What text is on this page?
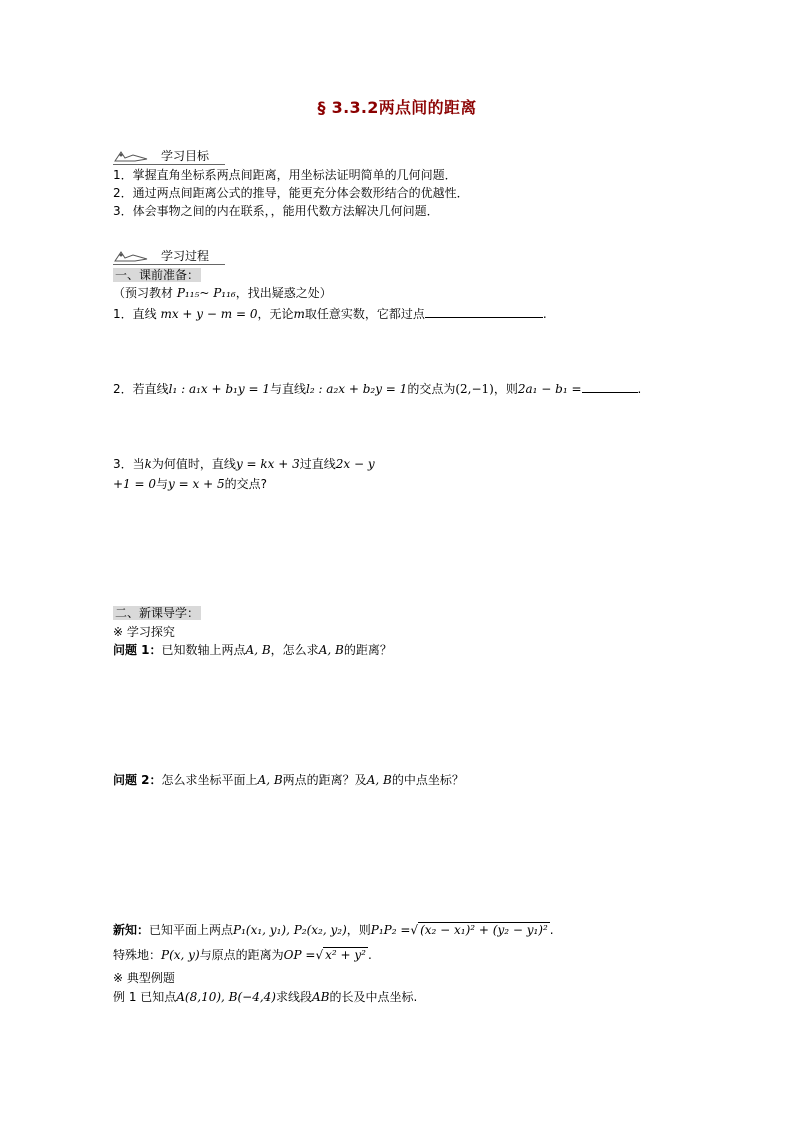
§ 3.3.2两点间的距离
学习目标
1．掌握直角坐标系两点间距离，用坐标法证明简单的几何问题．
2．通过两点间距离公式的推导，能更充分体会数形结合的优越性．
3．体会事物之间的内在联系，，能用代数方法解决几何问题．
学习过程
一、课前准备：
（预习教材 P₁₁₅~ P₁₁₆，找出疑惑之处）
1．直线 mx + y − m = 0，无论m取任意实数，它都过点	.
2．若直线l₁ : a₁x + b₁y = 1与直线l₂ : a₂x + b₂y = 1的交点为(2,−1)，则2a₁ − b₁ =	.
3．当k为何值时，直线y = kx + 3过直线2x − y
+1 = 0与y = x + 5的交点?
二、新课导学：
※ 学习探究
问题 1：已知数轴上两点A, B，怎么求A, B的距离？
问题 2：怎么求坐标平面上A, B两点的距离？及A, B的中点坐标？
新知：已知平面上两点P₁(x₁, y₁), P₂(x₂, y₂)，则P₁P₂ =√ (x₂ − x₁)² + (y₂ − y₁)² .
特殊地：P(x, y)与原点的距离为OP =√ x² + y² .
※ 典型例题
例 1 已知点A(8,10), B(−4,4)求线段AB的长及中点坐标.
